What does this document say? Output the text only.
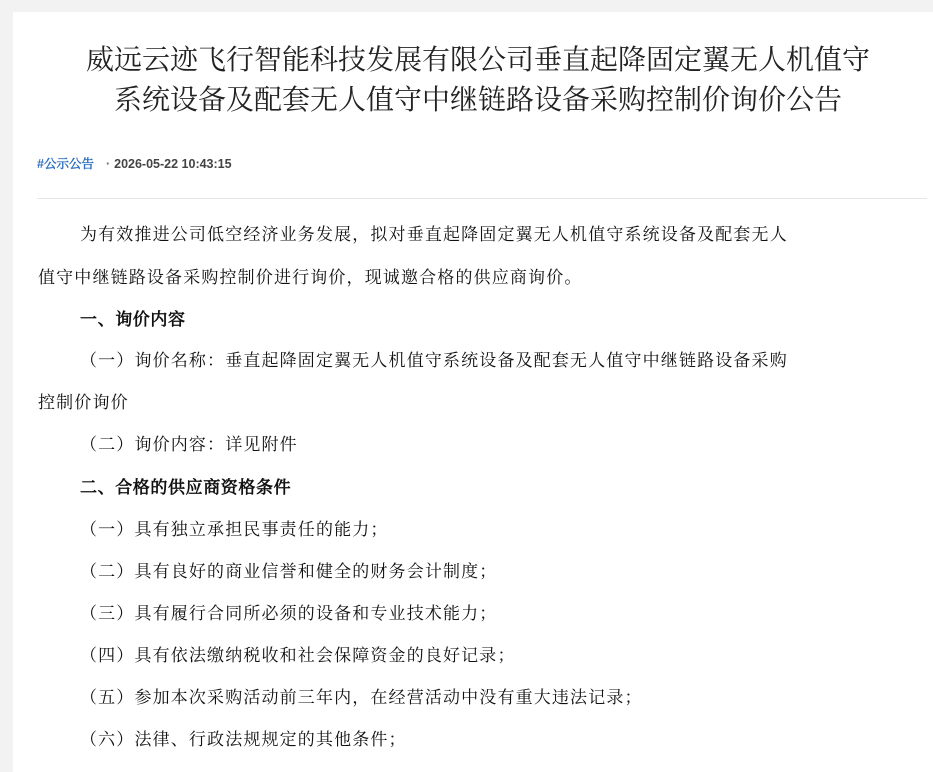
威远云迹飞行智能科技发展有限公司垂直起降固定翼无人机值守
系统设备及配套无人值守中继链路设备采购控制价询价公告
#公示公告 · 2026-05-22 10:43:15
为有效推进公司低空经济业务发展，拟对垂直起降固定翼无人机值守系统设备及配套无人
值守中继链路设备采购控制价进行询价，现诚邀合格的供应商询价。
一、询价内容
（一）询价名称：垂直起降固定翼无人机值守系统设备及配套无人值守中继链路设备采购
控制价询价
（二）询价内容：详见附件
二、合格的供应商资格条件
（一）具有独立承担民事责任的能力；
（二）具有良好的商业信誉和健全的财务会计制度；
（三）具有履行合同所必须的设备和专业技术能力；
（四）具有依法缴纳税收和社会保障资金的良好记录；
（五）参加本次采购活动前三年内，在经营活动中没有重大违法记录；
（六）法律、行政法规规定的其他条件；
